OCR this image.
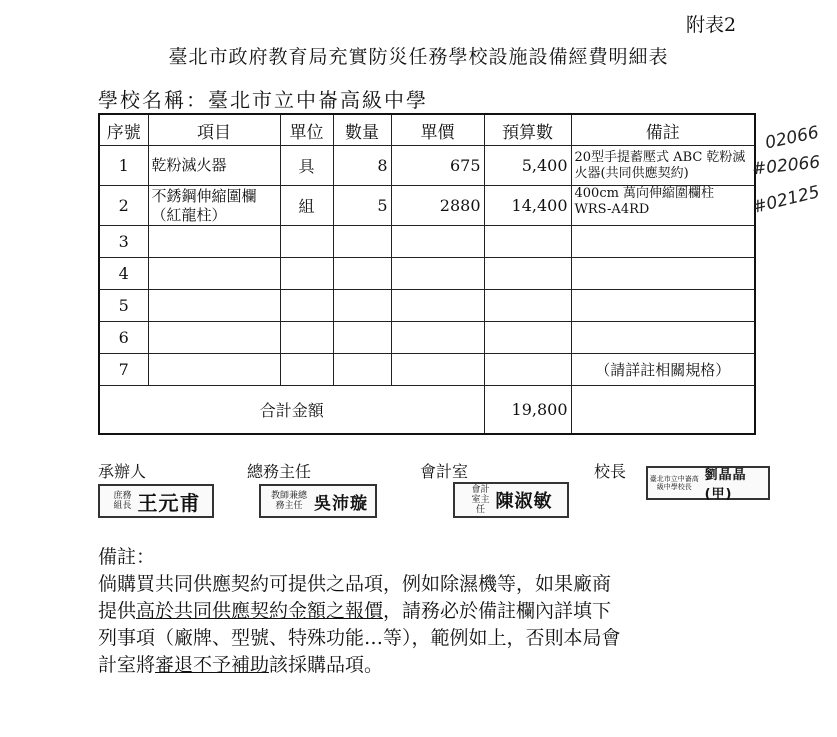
附表2
臺北市政府教育局充實防災任務學校設施設備經費明細表
學校名稱：臺北市立中崙高級中學
序號	項目	單位	數量	單價	預算數	備註
1	乾粉滅火器	具	8	675	5,400	20型手提蓄壓式 ABC 乾粉滅火器(共同供應契約)
2	不銹鋼伸縮圍欄（紅龍柱）	組	5	2880	14,400	400cm 萬向伸縮圍欄柱 WRS-A4RD
3						
4						
5						
6						
7						（請詳註相關規格）
合計金額					19,800	
02066
#02066
#02125
承辦人	總務主任	會計室	校長
庶務組長 王元甫	教師兼總務主任 吳沛璇
會計室主任 陳淑敏
臺北市立中崙高級中學校長
劉晶晶(甲)
備註：
倘購買共同供應契約可提供之品項，例如除濕機等，如果廠商
提供高於共同供應契約金額之報價，請務必於備註欄內詳填下
列事項（廠牌、型號、特殊功能…等），範例如上，否則本局會
計室將審退不予補助該採購品項。
